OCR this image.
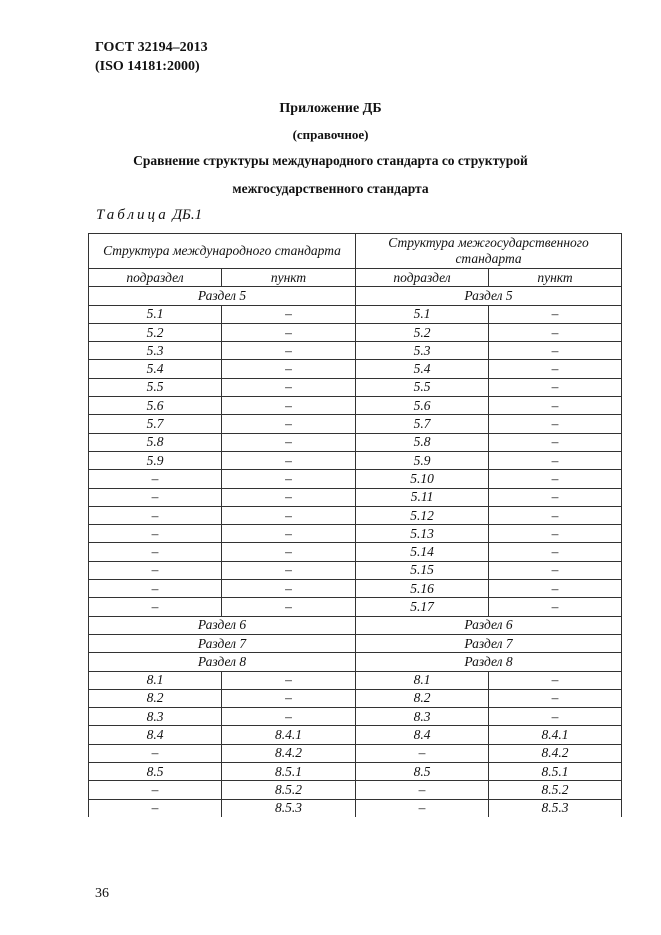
ГОСТ 32194–2013
(ISO 14181:2000)
Приложение ДБ
(справочное)
Сравнение структуры международного стандарта со структурой
межгосударственного стандарта
Таблица ДБ.1
Структура международного стандарта		Структура межгосударственного стандарта	
подраздел	пункт	подраздел	пункт
Раздел 5		Раздел 5	
5.1	–	5.1	–
5.2	–	5.2	–
5.3	–	5.3	–
5.4	–	5.4	–
5.5	–	5.5	–
5.6	–	5.6	–
5.7	–	5.7	–
5.8	–	5.8	–
5.9	–	5.9	–
–	–	5.10	–
–	–	5.11	–
–	–	5.12	–
–	–	5.13	–
–	–	5.14	–
–	–	5.15	–
–	–	5.16	–
–	–	5.17	–
Раздел 6		Раздел 6	
Раздел 7		Раздел 7	
Раздел 8		Раздел 8	
8.1	–	8.1	–
8.2	–	8.2	–
8.3	–	8.3	–
8.4	8.4.1	8.4	8.4.1
–	8.4.2	–	8.4.2
8.5	8.5.1	8.5	8.5.1
–	8.5.2	–	8.5.2
–	8.5.3	–	8.5.3
36
